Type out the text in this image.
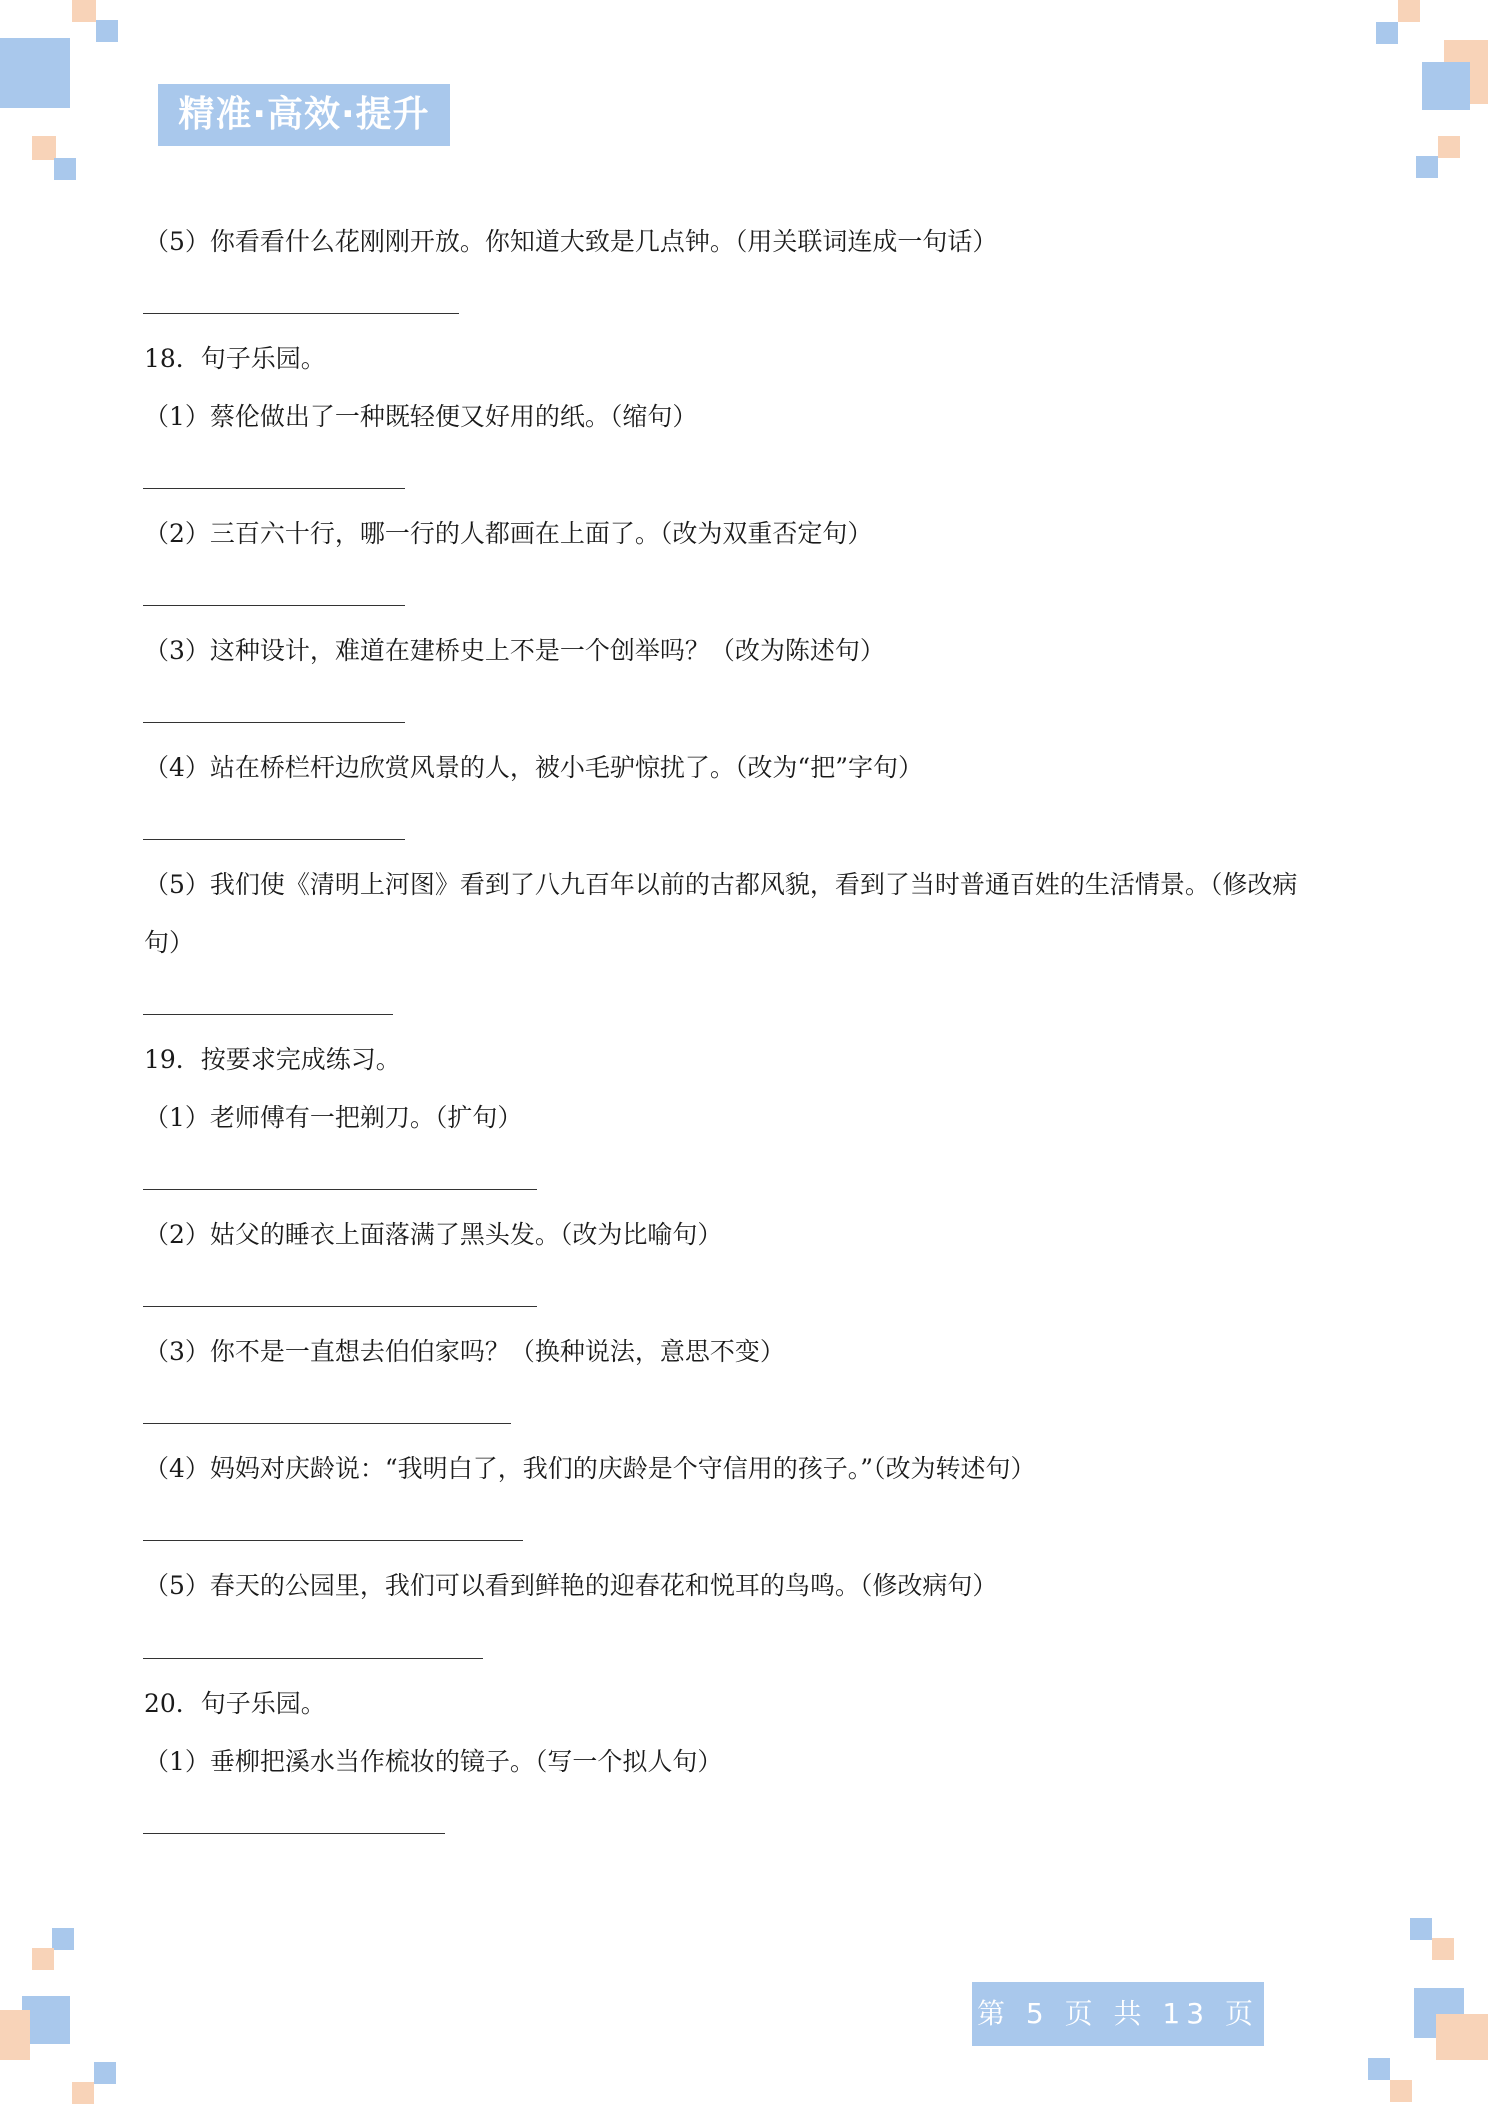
精准·高效·提升
（5）你看看什么花刚刚开放。你知道大致是几点钟。（用关联词连成一句话）
18．句子乐园。
（1）蔡伦做出了一种既轻便又好用的纸。（缩句）
（2）三百六十行，哪一行的人都画在上面了。（改为双重否定句）
（3）这种设计，难道在建桥史上不是一个创举吗？（改为陈述句）
（4）站在桥栏杆边欣赏风景的人，被小毛驴惊扰了。（改为“把”字句）
（5）我们使《清明上河图》看到了八九百年以前的古都风貌，看到了当时普通百姓的生活情景。（修改病
句）
19．按要求完成练习。
（1）老师傅有一把剃刀。（扩句）
（2）姑父的睡衣上面落满了黑头发。（改为比喻句）
（3）你不是一直想去伯伯家吗？（换种说法，意思不变）
（4）妈妈对庆龄说：“我明白了，我们的庆龄是个守信用的孩子。”（改为转述句）
（5）春天的公园里，我们可以看到鲜艳的迎春花和悦耳的鸟鸣。（修改病句）
20．句子乐园。
（1）垂柳把溪水当作梳妆的镜子。（写一个拟人句）
第 5 页 共 13 页
